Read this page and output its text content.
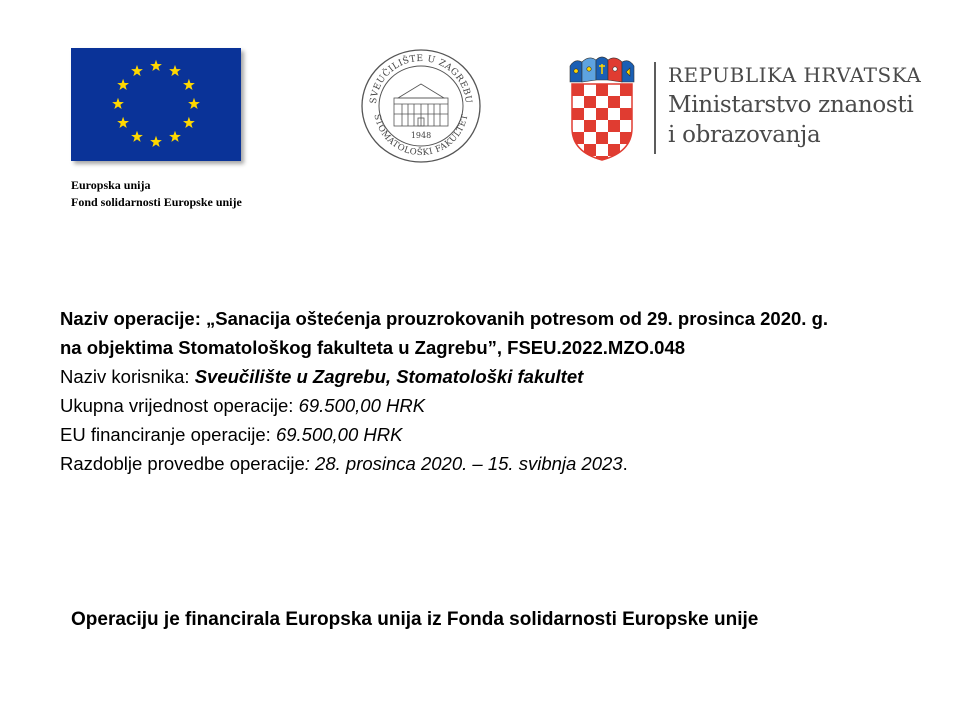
Europska unija
Fond solidarnosti Europske unije
SVEUČILIŠTE U ZAGREBU
STOMATOLOŠKI FAKULTET
1948
REPUBLIKA HRVATSKA
Ministarstvo znanosti
i obrazovanja
Naziv operacije: „Sanacija oštećenja prouzrokovanih potresom od 29. prosinca 2020. g.
na objektima Stomatološkog fakulteta u Zagrebu”, FSEU.2022.MZO.048
Naziv korisnika: Sveučilište u Zagrebu, Stomatološki fakultet
Ukupna vrijednost operacije: 69.500,00 HRK
EU financiranje operacije: 69.500,00 HRK
Razdoblje provedbe operacije: 28. prosinca 2020. – 15. svibnja 2023.
Operaciju je financirala Europska unija iz Fonda solidarnosti Europske unije
